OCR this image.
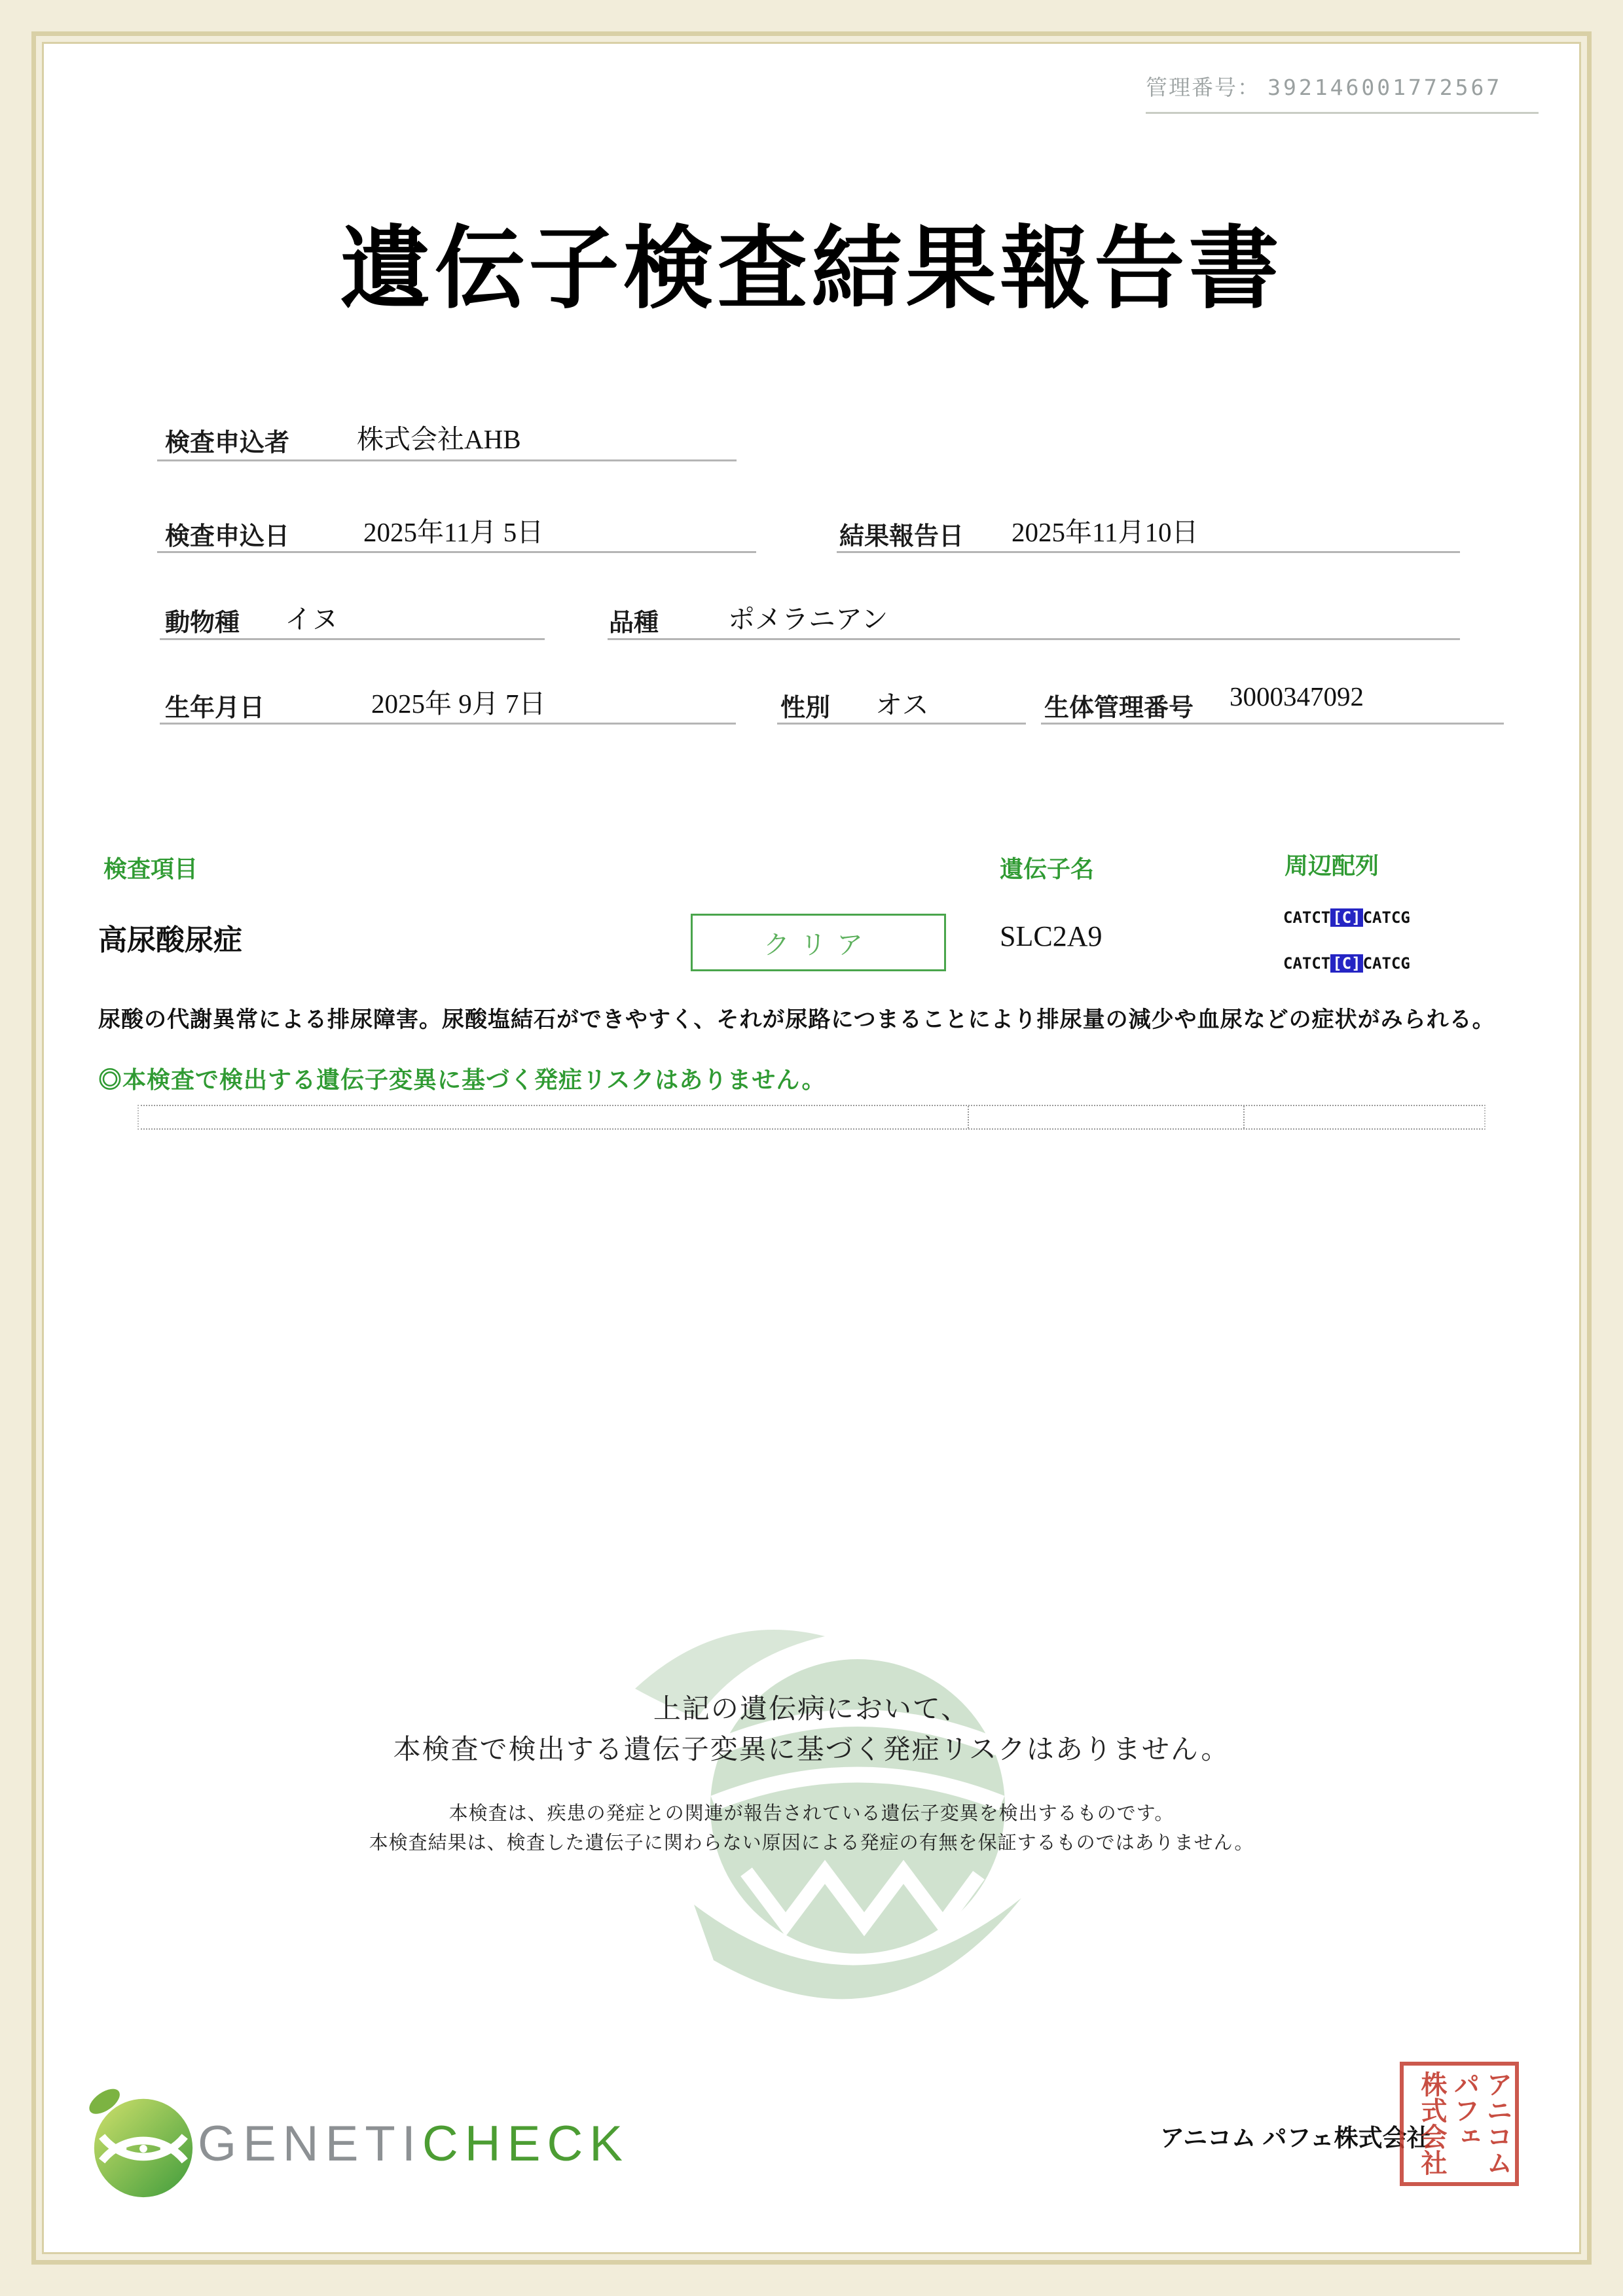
管理番号： 392146001772567
遺伝子検査結果報告書
検査申込者	株式会社AHB
検査申込日	2025年11月 5日	結果報告日 2025年11月10日
動物種 イヌ	品種	ポメラニアン
生年月日	2025年 9月 7日	性別 オス	生体管理番号 3000347092
検査項目	遺伝子名	周辺配列
高尿酸尿症	クリア	SLC2A9
CATCT [C] CATCG
CATCT [C] CATCG
尿酸の代謝異常による排尿障害。尿酸塩結石ができやすく、それが尿路につまることにより排尿量の減少や血尿などの症状がみられる。
◎本検査で検出する遺伝子変異に基づく発症リスクはありません。
上記の遺伝病において、
本検査で検出する遺伝子変異に基づく発症リスクはありません。
本検査は、疾患の発症との関連が報告されている遺伝子変異を検出するものです。
本検査結果は、検査した遺伝子に関わらない原因による発症の有無を保証するものではありません。
GENETICHECK	アニコム パフェ株式会社 アニコム
パフェ
株式会社
